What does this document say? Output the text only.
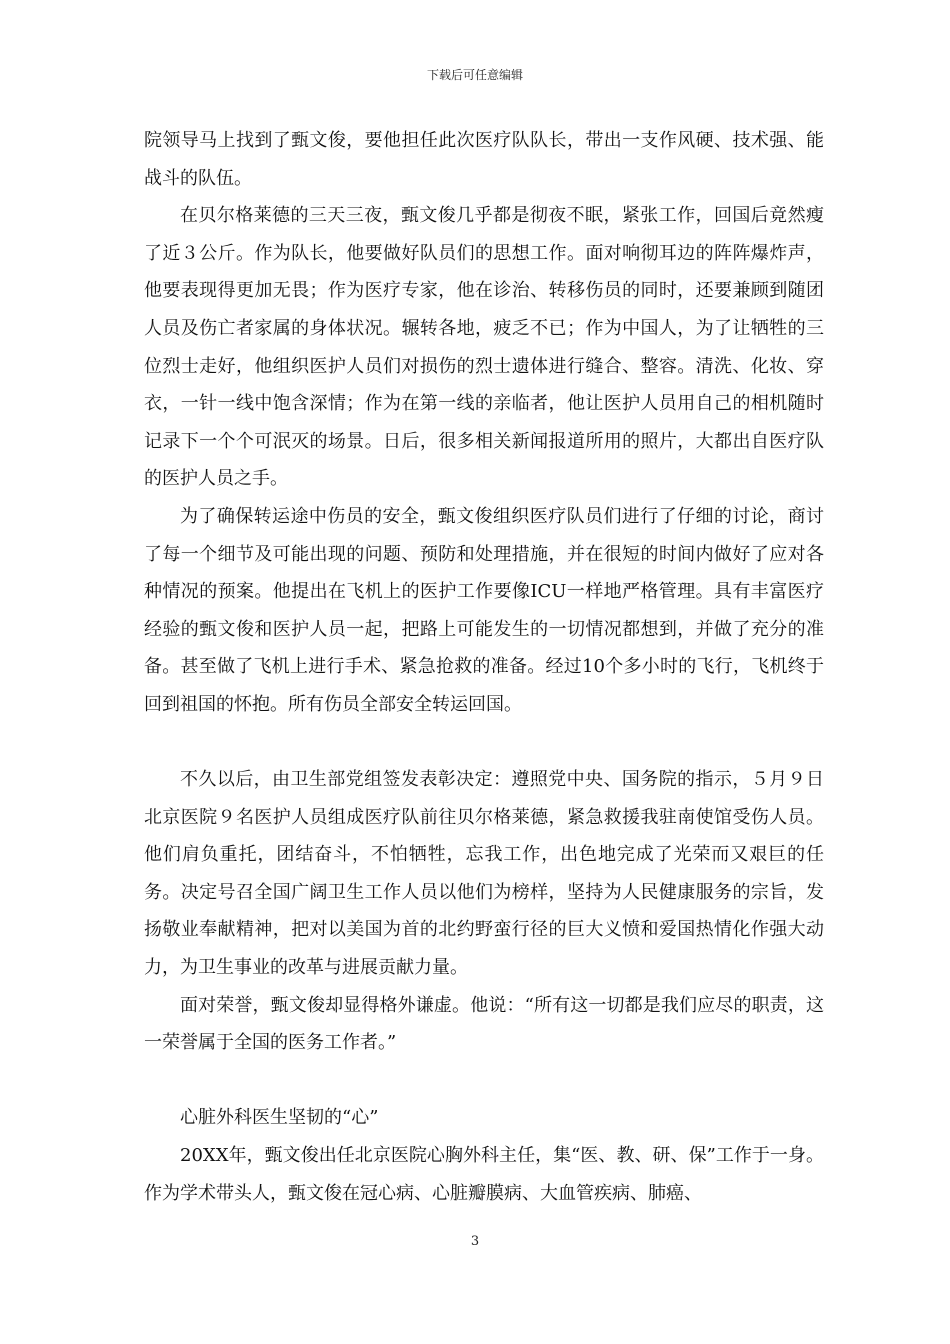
下载后可任意编辑

院领导马上找到了甄文俊，要他担任此次医疗队队长，带出一支作风硬、技术强、能战斗的队伍。

在贝尔格莱德的三天三夜，甄文俊几乎都是彻夜不眠，紧张工作，回国后竟然瘦了近３公斤。作为队长，他要做好队员们的思想工作。面对响彻耳边的阵阵爆炸声，他要表现得更加无畏；作为医疗专家，他在诊治、转移伤员的同时，还要兼顾到随团人员及伤亡者家属的身体状况。辗转各地，疲乏不已；作为中国人，为了让牺牲的三位烈士走好，他组织医护人员们对损伤的烈士遗体进行缝合、整容。清洗、化妆、穿衣，一针一线中饱含深情；作为在第一线的亲临者，他让医护人员用自己的相机随时记录下一个个可泯灭的场景。日后，很多相关新闻报道所用的照片，大都出自医疗队的医护人员之手。

为了确保转运途中伤员的安全，甄文俊组织医疗队员们进行了仔细的讨论，商讨了每一个细节及可能出现的问题、预防和处理措施，并在很短的时间内做好了应对各种情况的预案。他提出在飞机上的医护工作要像ICU一样地严格管理。具有丰富医疗经验的甄文俊和医护人员一起，把路上可能发生的一切情况都想到，并做了充分的准备。甚至做了飞机上进行手术、紧急抢救的准备。经过10个多小时的飞行，飞机终于回到祖国的怀抱。所有伤员全部安全转运回国。

不久以后，由卫生部党组签发表彰决定：遵照党中央、国务院的指示，５月９日北京医院９名医护人员组成医疗队前往贝尔格莱德，紧急救援我驻南使馆受伤人员。他们肩负重托，团结奋斗，不怕牺牲，忘我工作，出色地完成了光荣而又艰巨的任务。决定号召全国广阔卫生工作人员以他们为榜样，坚持为人民健康服务的宗旨，发扬敬业奉献精神，把对以美国为首的北约野蛮行径的巨大义愤和爱国热情化作强大动力，为卫生事业的改革与进展贡献力量。

面对荣誉，甄文俊却显得格外谦虚。他说：“所有这一切都是我们应尽的职责，这一荣誉属于全国的医务工作者。”

心脏外科医生坚韧的“心”

20XX年，甄文俊出任北京医院心胸外科主任，集“医、教、研、保”工作于一身。作为学术带头人，甄文俊在冠心病、心脏瓣膜病、大血管疾病、肺癌、

3
